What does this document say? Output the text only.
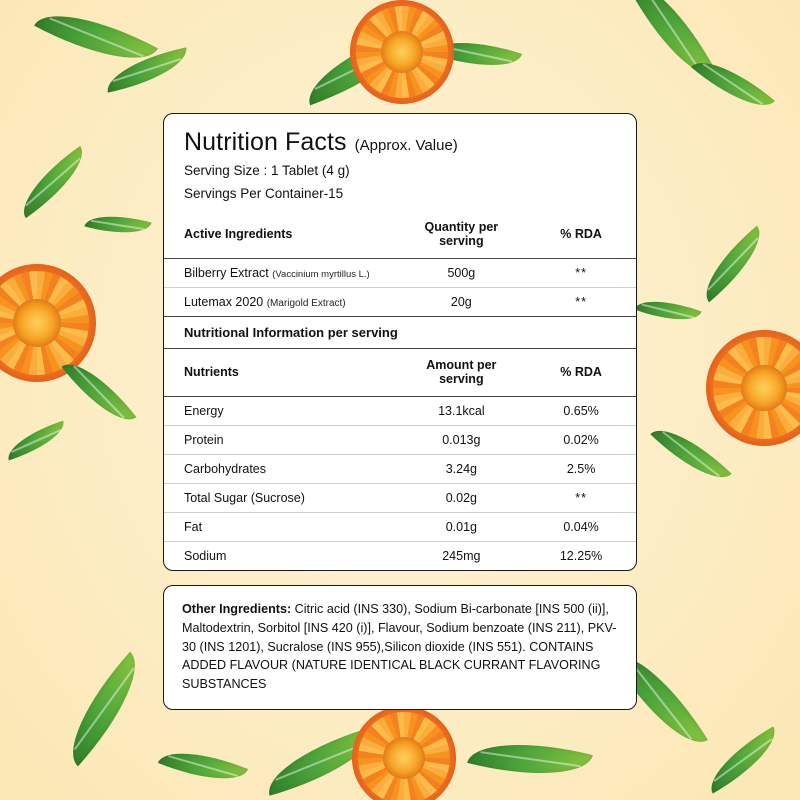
Nutrition Facts (Approx. Value)
Serving Size : 1 Tablet (4 g)
Servings Per Container-15
Active Ingredients	Quantity per
serving	% RDA
Bilberry Extract (Vaccinium myrtillus L.)	500g	**
Lutemax 2020 (Marigold Extract)	20g	**
Nutritional Information per serving		
Nutrients	Amount per
serving	% RDA
Energy	13.1kcal	0.65%
Protein	0.013g	0.02%
Carbohydrates	3.24g	2.5%
Total Sugar (Sucrose)	0.02g	**
Fat	0.01g	0.04%
Sodium	245mg	12.25%
Other Ingredients: Citric acid (INS 330), Sodium Bi-carbonate [INS 500 (ii)], Maltodextrin, Sorbitol [INS 420 (i)], Flavour, Sodium benzoate (INS 211), PKV-30 (INS 1201), Sucralose (INS 955),Silicon dioxide (INS 551). CONTAINS ADDED FLAVOUR (NATURE IDENTICAL BLACK CURRANT FLAVORING SUBSTANCES
